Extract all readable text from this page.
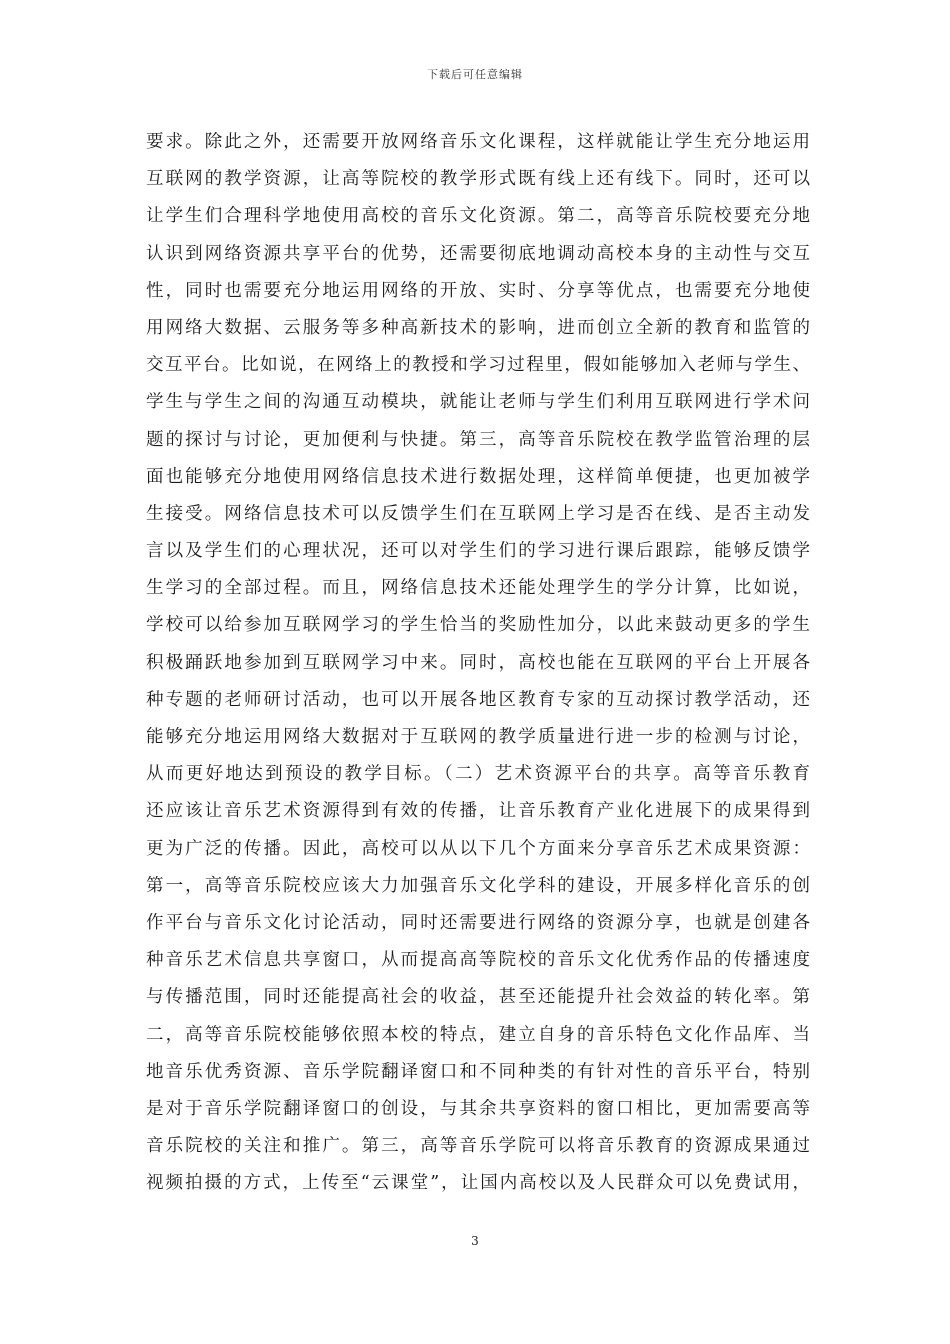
下载后可任意编辑
要求。除此之外，还需要开放网络音乐文化课程，这样就能让学生充分地运用
互联网的教学资源，让高等院校的教学形式既有线上还有线下。同时，还可以
让学生们合理科学地使用高校的音乐文化资源。第二，高等音乐院校要充分地
认识到网络资源共享平台的优势，还需要彻底地调动高校本身的主动性与交互
性，同时也需要充分地运用网络的开放、实时、分享等优点，也需要充分地使
用网络大数据、云服务等多种高新技术的影响，进而创立全新的教育和监管的
交互平台。比如说，在网络上的教授和学习过程里，假如能够加入老师与学生、
学生与学生之间的沟通互动模块，就能让老师与学生们利用互联网进行学术问
题的探讨与讨论，更加便利与快捷。第三，高等音乐院校在教学监管治理的层
面也能够充分地使用网络信息技术进行数据处理，这样简单便捷，也更加被学
生接受。网络信息技术可以反馈学生们在互联网上学习是否在线、是否主动发
言以及学生们的心理状况，还可以对学生们的学习进行课后跟踪，能够反馈学
生学习的全部过程。而且，网络信息技术还能处理学生的学分计算，比如说，
学校可以给参加互联网学习的学生恰当的奖励性加分，以此来鼓动更多的学生
积极踊跃地参加到互联网学习中来。同时，高校也能在互联网的平台上开展各
种专题的老师研讨活动，也可以开展各地区教育专家的互动探讨教学活动，还
能够充分地运用网络大数据对于互联网的教学质量进行进一步的检测与讨论，
从而更好地达到预设的教学目标。（二）艺术资源平台的共享。高等音乐教育
还应该让音乐艺术资源得到有效的传播，让音乐教育产业化进展下的成果得到
更为广泛的传播。因此，高校可以从以下几个方面来分享音乐艺术成果资源：
第一，高等音乐院校应该大力加强音乐文化学科的建设，开展多样化音乐的创
作平台与音乐文化讨论活动，同时还需要进行网络的资源分享，也就是创建各
种音乐艺术信息共享窗口，从而提高高等院校的音乐文化优秀作品的传播速度
与传播范围，同时还能提高社会的收益，甚至还能提升社会效益的转化率。第
二，高等音乐院校能够依照本校的特点，建立自身的音乐特色文化作品库、当
地音乐优秀资源、音乐学院翻译窗口和不同种类的有针对性的音乐平台，特别
是对于音乐学院翻译窗口的创设，与其余共享资料的窗口相比，更加需要高等
音乐院校的关注和推广。第三，高等音乐学院可以将音乐教育的资源成果通过
视频拍摄的方式，上传至“云课堂”，让国内高校以及人民群众可以免费试用，
3
